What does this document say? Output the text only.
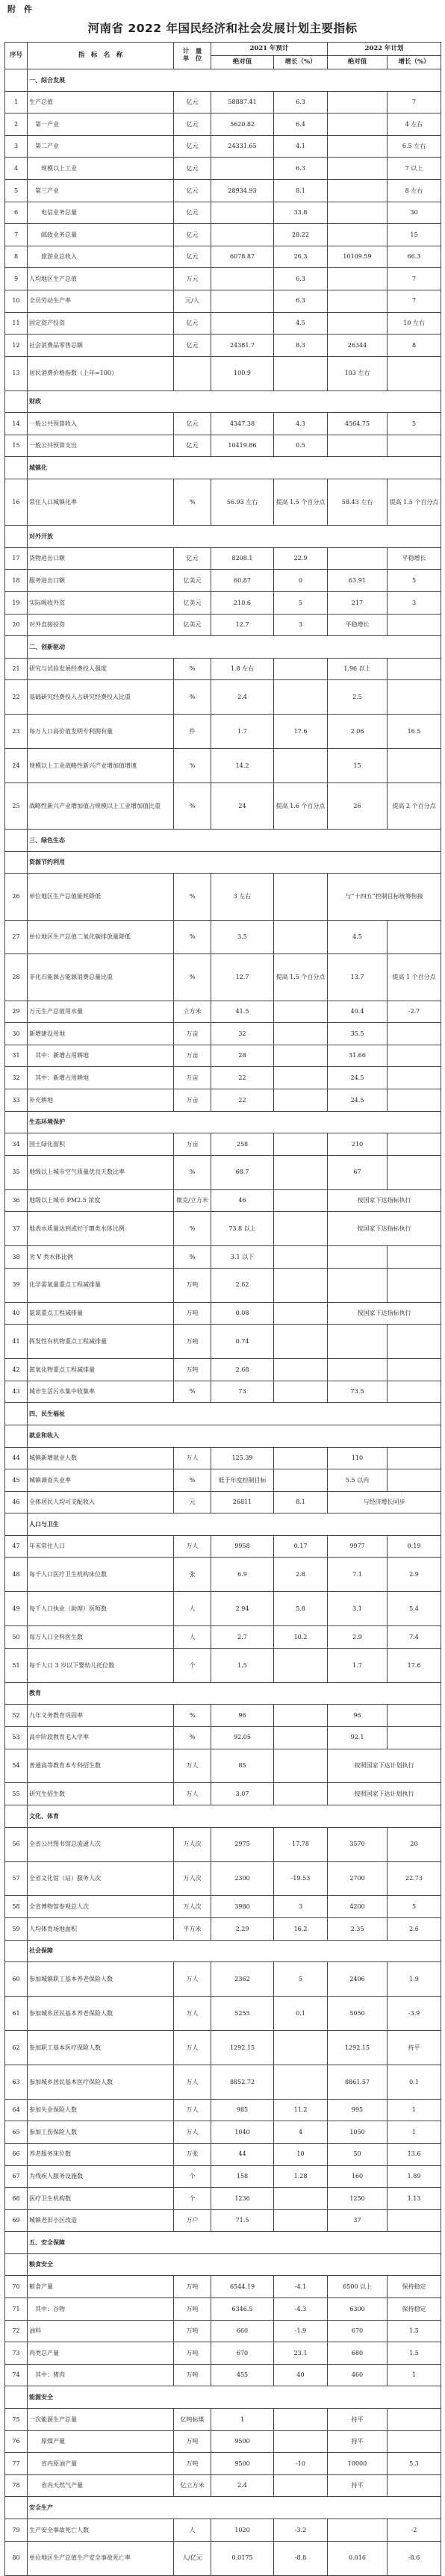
附　件
河南省 2022 年国民经济和社会发展计划主要指标
序号	指　标　名　称	计　量
单　位	2021 年预计		2022 年计划	
			绝对值	增长（%）	绝对值	增长（%）
	一、综合发展					
1	生产总值	亿元	58887.41	6.3		7
2	　第一产业	亿元	5620.82	6.4		4 左右
3	　第二产业	亿元	24331.65	4.1		6.5 左右
4	　　规模以上工业	亿元		6.3		7 以上
5	　第三产业	亿元	28934.93	8.1		8 左右
6	　　电信业务总量	亿元		33.8		30
7	　　邮政业务总量	亿元		28.22		15
8	　　旅游业总收入	亿元	6078.87	26.3	10109.59	66.3
9	人均地区生产总值	万元		6.3		7
10	全员劳动生产率	元/人		6.3		7
11	固定资产投资	亿元		4.5		10 左右
12	社会消费品零售总额	亿元	24381.7	8.3	26344	8
13	居民消费价格指数（上年=100）		100.9		103 左右	
	财政					
14	一般公共预算收入	亿元	4347.38	4.3	4564.75	5
15	一般公共预算支出	亿元	10419.86	0.5		
	城镇化					
16	常住人口城镇化率	%	56.93 左右	提高 1.5 个百分点	58.43 左右	提高 1.5 个百分点
	对外开放					
17	货物进出口额	亿元	8208.1	22.9		平稳增长
18	服务进出口额	亿美元	60.87	0	63.91	5
19	实际吸收外资	亿美元	210.6	5	217	3
20	对外直接投资	亿美元	12.7	3	平稳增长	
	二、创新驱动					
21	研究与试验发展经费投入强度	%	1.8 左右		1.96 以上	
22	基础研究经费投入占研究经费投入比重	%	2.4		2.5	
23	每万人口高价值发明专利拥有量	件	1.7	17.6	2.06	16.5
24	规模以上工业战略性新兴产业增加值增速	%	14.2		15	
25	战略性新兴产业增加值占规模以上工业增加值比重	%	24	提高 1.6 个百分点	26	提高 2 个百分点
	三、绿色生态					
	资源节约利用					
26	单位地区生产总值能耗降低	%	3 左右		与“十四五”控制目标统筹衔接	
27	单位地区生产总值二氧化碳排放量降低	%	3.5		4.5	
28	非化石能源占能源消费总量比重	%	12.7	提高 1.5 个百分点	13.7	提高 1 个百分点
29	万元生产总值用水量	立方米	41.5		40.4	-2.7
30	新增建设用地	万亩	32		35.5	
31	　其中：新增占用耕地	万亩	28		31.66	
32	　其中：新增占用耕地	万亩	22		24.5	
33	补充耕地	万亩	22		24.5	
	生态环境保护					
34	国土绿化面积	万亩	258		210	
35	地级以上城市空气质量优良天数比率	%	68.7		67	
36	地级以上城市 PM2.5 浓度	微克/立方米	46		按国家下达指标执行	
37	地表水质量达到或好于Ⅲ类水体比例	%	73.8 以上		按国家下达指标执行	
38	劣 V 类水体比例	%	3.1 以下			
39	化学需氧量重点工程减排量	万吨	2.62			
40	氨氮重点工程减排量	万吨	0.08		按国家下达指标执行	
41	挥发性有机物重点工程减排量	万吨	0.74			
42	氮氧化物重点工程减排量	万吨	2.68			
43	城市生活污水集中收集率	%	73		73.5	
	四、民生福祉					
	就业和收入					
44	城镇新增就业人数	万人	125.39		110	
45	城镇调查失业率	%	低于年度控制目标		5.5 以内	
46	全体居民人均可支配收入	元	26811	8.1	与经济增长同步	
	人口与卫生					
47	年末常住人口	万人	9958	0.17	9977	0.19
48	每千人口医疗卫生机构床位数	张	6.9	2.8	7.1	2.9
49	每千人口执业（助理）医师数	人	2.94	5.8	3.1	5.4
50	每万人口全科医生数	人	2.7	10.2	2.9	7.4
51	每千人口 3 岁以下婴幼儿托位数	个	1.5		1.7	17.6
	教育					
52	九年义务教育巩固率	%	96		96	
53	高中阶段教育毛入学率	%	92.05		92.1	
54	普通高等教育本专科招生数	万人	85		按照国家下达计划执行	
55	研究生招生数	万人	3.07		按照国家下达计划执行	
	文化、体育					
56	全省公共图书馆总流通人次	万人次	2975	17.78	3570	20
57	全省文化馆（站）服务人次	万人次	2300	-19.53	2700	22.73
58	全省博物馆参观总人次	万人次	3980	3	4200	5
59	人均体育场地面积	平方米	2.29	16.2	2.35	2.6
	社会保障					
60	参加城镇职工基本养老保险人数	万人	2362	5	2406	1.9
61	参加城乡居民基本养老保险人数	万人	5255	0.1	5050	-3.9
62	参加职工基本医疗保险人数	万人	1292.15		1292.15	持平
63	参加城乡居民基本医疗保险人数	万人	8852.72		8861.57	0.1
64	参加失业保险人数	万人	985	11.2	995	1
65	参加工伤保险人数	万人	1040	4	1050	1
66	养老服务床位数	万张	44	10	50	13.6
67	为残疾人服务设施数	个	158	1.28	160	1.89
68	医疗卫生机构数	个	1236		1250	1.13
69	城镇老旧小区改造	万户	71.5		37	
	五、安全保障					
	粮食安全					
70	粮食产量	万吨	6544.19	-4.1	6500 以上	保持稳定
71	　其中：谷物	万吨	6346.5	-4.3	6300	保持稳定
72	油料	万吨	660	-1.9	670	1.5
73	肉类总产量	万吨	670	23.1	680	1.5
74	　其中：猪肉	万吨	455	40	460	1
	能源安全					
75	一次能源生产总量	亿吨标煤	1		持平	
76	　　原煤产量	万吨	9500		持平	
77	　　省内原油产量	万吨	9500	-10	10000	5.3
78	　　省内天然气产量	亿立方米	2.4		持平	
	安全生产					
79	生产安全事故死亡人数	人	1020	-3.2		-2
80	单位地区生产总值生产安全事故死亡率	人/亿元	0.0175	-8.8	0.016	-8.6
